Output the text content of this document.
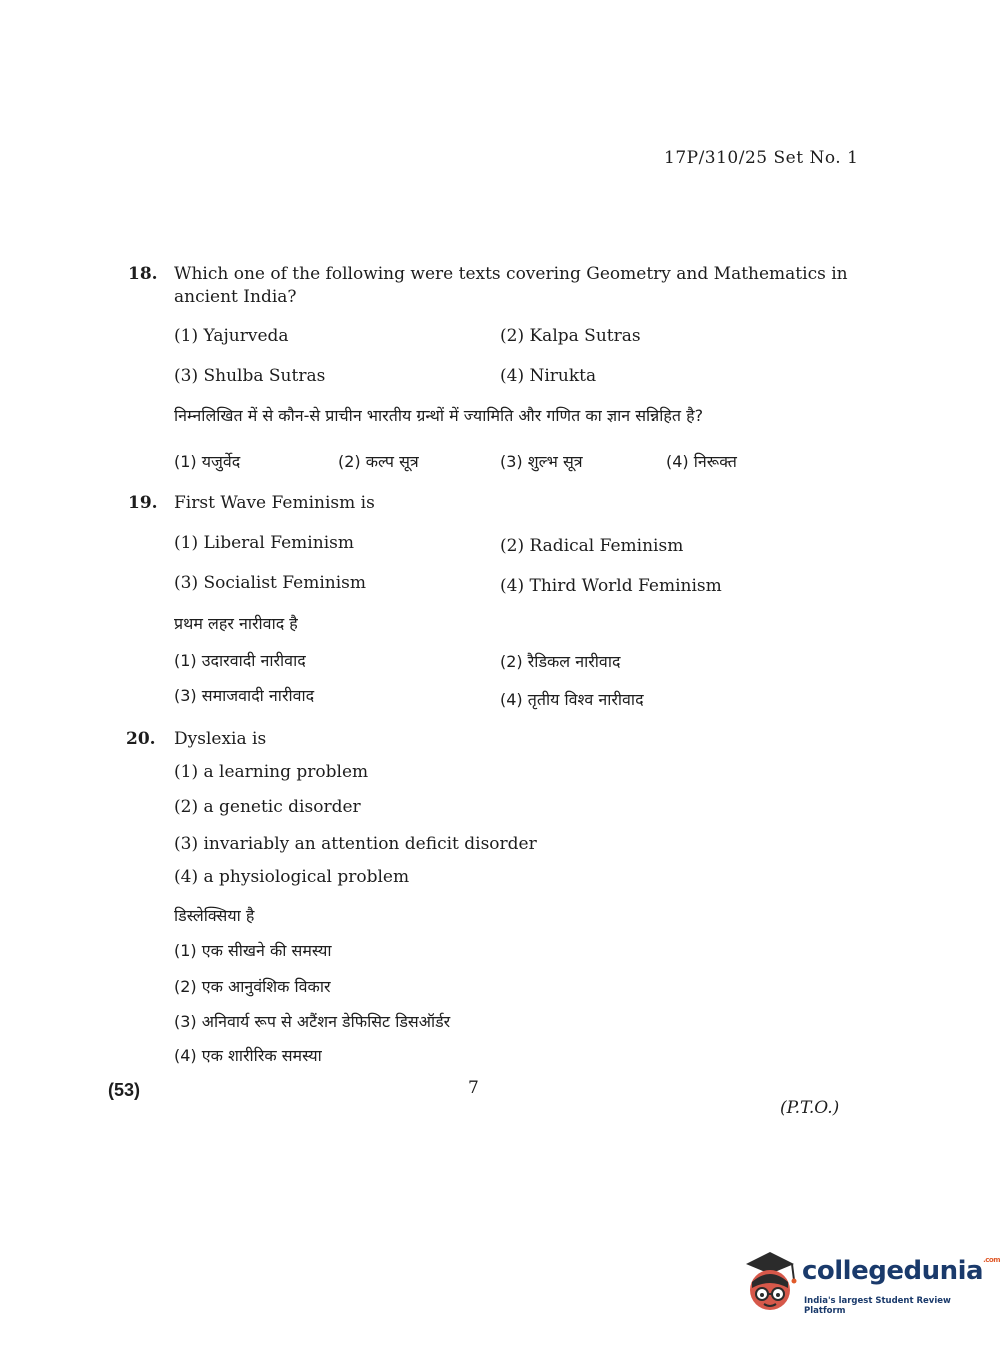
17P/310/25 Set No. 1
18. Which one of the following were texts covering Geometry and Mathematics in
ancient India?
(1) Yajurveda	(2) Kalpa Sutras
(3) Shulba Sutras	(4) Nirukta
निम्नलिखित में से कौन-से प्राचीन भारतीय ग्रन्थों में ज्यामिति और गणित का ज्ञान सन्निहित है?
(1) यजुर्वेद	(2) कल्प सूत्र	(3) शुल्भ सूत्र	(4) निरूक्त
19. First Wave Feminism is
(1) Liberal Feminism	(2) Radical Feminism
(3) Socialist Feminism	(4) Third World Feminism
प्रथम लहर नारीवाद है
(1) उदारवादी नारीवाद	(2) रैडिकल नारीवाद
(3) समाजवादी नारीवाद	(4) तृतीय विश्व नारीवाद
20. Dyslexia is
(1) a learning problem
(2) a genetic disorder
(3) invariably an attention deficit disorder
(4) a physiological problem
डिस्लेक्सिया है
(1) एक सीखने की समस्या
(2) एक आनुवंशिक विकार
(3) अनिवार्य रूप से अटैंशन डेफिसिट डिसऑर्डर
(4) एक शारीरिक समस्या
(53)	7
(P.T.O.)
collegedunia$^{.com}$
India's largest Student Review Platform
